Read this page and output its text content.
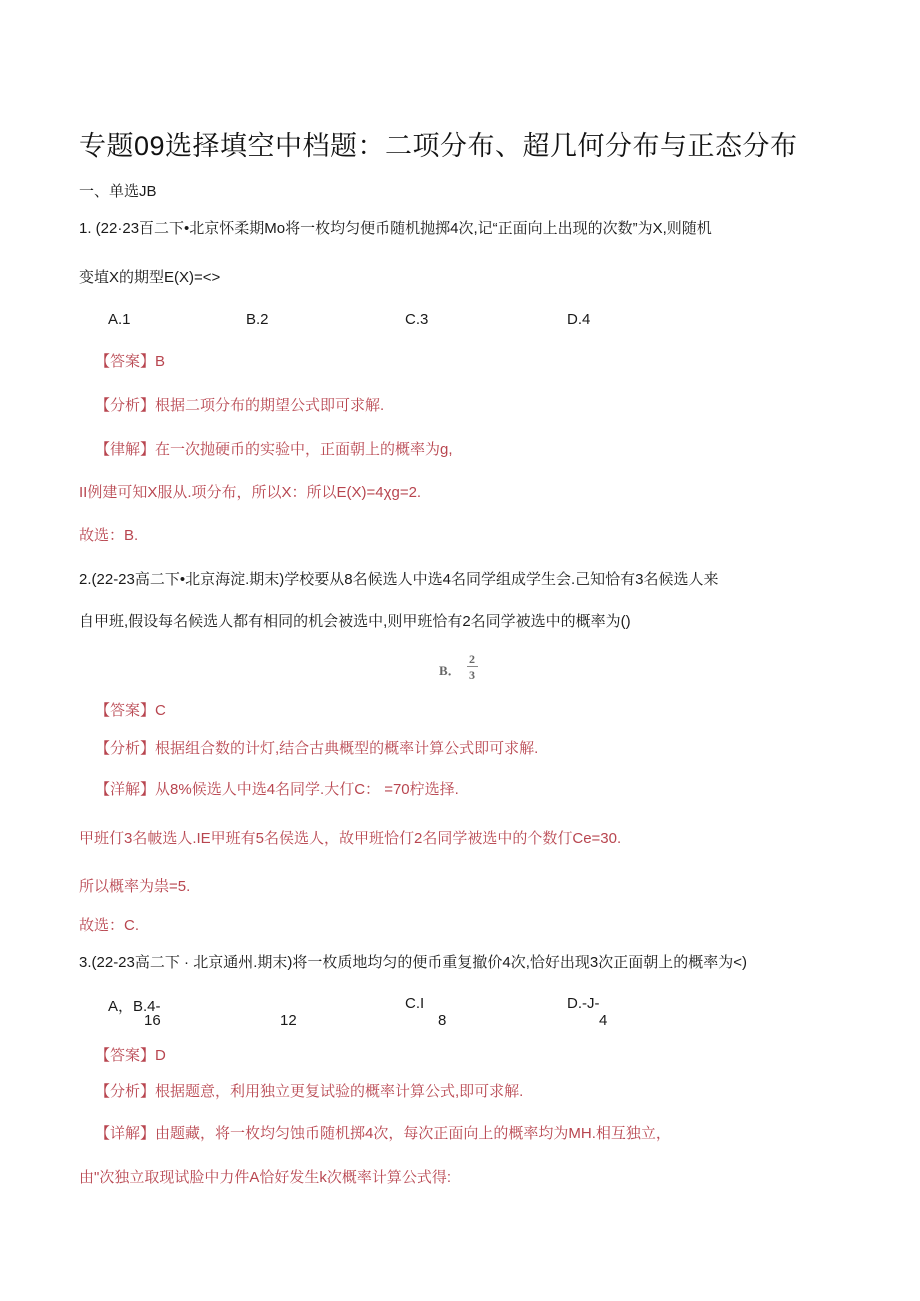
专题09选择填空中档题：二项分布、超几何分布与正态分布
一、单选JB
1. (22·23百二下•北京怀柔期Mo将一枚均匀便币随机抛掷4次,记“正面向上出现的次数”为X,则随机
变埴X的期型E(X)=<>
A.1	B.2	C.3	D.4
【答案】B
【分析】根据二项分布的期望公式即可求解.
【律解】在一次抛硬币的实验中，正面朝上的概率为g,
II例建可知X服从.项分布，所以X：所以E(X)=4χg=2.
故选：B.
2.(22-23高二下•北京海淀.期末)学校要从8名候选人中选4名同学组成学生会.己知恰有3名候选人来
自甲班,假设每名候选人都有相同的机会被选中,则甲班恰有2名同学被选中的概率为()
B．
2
3
【答案】C
【分析】根据组合数的计灯,结合古典概型的概率计算公式即可求解.
【洋解】从8%候选人中选4名同学.大仃C： =70柠选择.
甲班仃3名帔选人.IE甲班有5名侯选人，故甲班恰仃2名同学被选中的个数仃Ce=30.
所以概率为祟=5.
故选：C.
3.(22-23高二下 · 北京通州.期末)将一枚质地均匀的便币重复撤价4次,恰好出现3次正面朝上的概率为<)
A，B.4-	C.I	D.-J-
16	12	8	4
【答案】D
【分析】根据题意，利用独立更复试验的概率计算公式,即可求解.
【详解】由题藏，将一枚均匀蚀币随机掷4次，每次正面向上的概率均为MH.相互独立，
由"次独立取现试脸中力件A恰好发生k次概率计算公式得:
